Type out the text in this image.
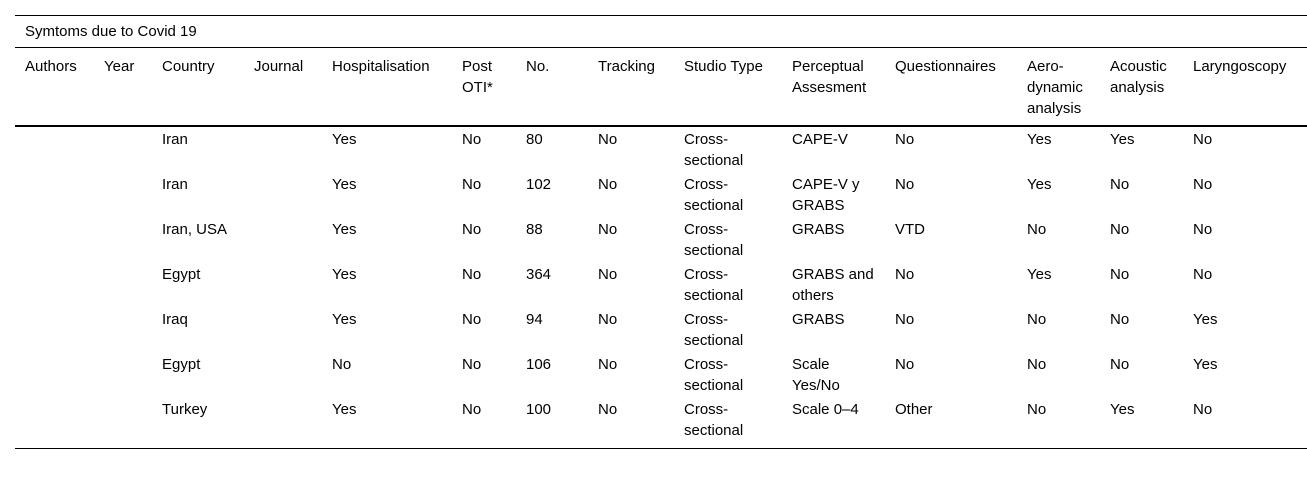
Symtoms due to Covid 19
Authors	Year	Country	Journal	Hospitalisation	Post OTI*	No.	Tracking	Studio Type	Perceptual Assesment	Questionnaires	Aero-dynamic analysis	Acoustic analysis	Laryngoscopy
		Iran		Yes	No	80	No	Cross-sectional	CAPE-V	No	Yes	Yes	No
		Iran		Yes	No	102	No	Cross-sectional	CAPE-V y GRABS	No	Yes	No	No
		Iran, USA		Yes	No	88	No	Cross-sectional	GRABS	VTD	No	No	No
		Egypt		Yes	No	364	No	Cross-sectional	GRABS and others	No	Yes	No	No
		Iraq		Yes	No	94	No	Cross-sectional	GRABS	No	No	No	Yes
		Egypt		No	No	106	No	Cross-sectional	Scale Yes/No	No	No	No	Yes
		Turkey		Yes	No	100	No	Cross-sectional	Scale 0–4	Other	No	Yes	No
